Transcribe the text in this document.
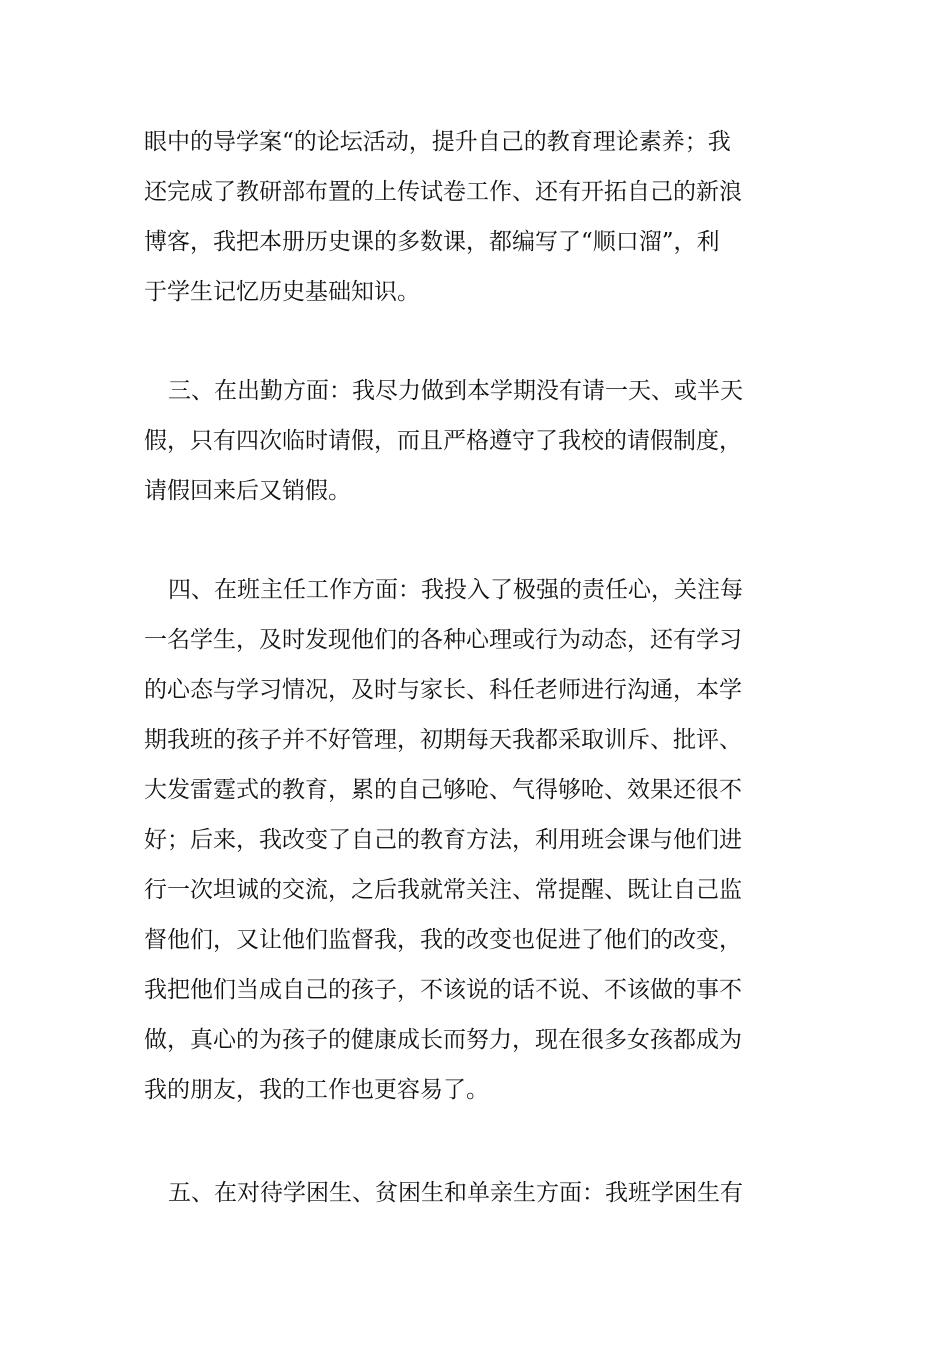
眼中的导学案“的论坛活动，提升自己的教育理论素养；我
还完成了教研部布置的上传试卷工作、还有开拓自己的新浪
博客，我把本册历史课的多数课，都编写了“顺口溜”，利
于学生记忆历史基础知识。
三、在出勤方面：我尽力做到本学期没有请一天、或半天
假，只有四次临时请假，而且严格遵守了我校的请假制度，
请假回来后又销假。
四、在班主任工作方面：我投入了极强的责任心，关注每
一名学生，及时发现他们的各种心理或行为动态，还有学习
的心态与学习情况，及时与家长、科任老师进行沟通，本学
期我班的孩子并不好管理，初期每天我都采取训斥、批评、
大发雷霆式的教育，累的自己够呛、气得够呛、效果还很不
好；后来，我改变了自己的教育方法，利用班会课与他们进
行一次坦诚的交流，之后我就常关注、常提醒、既让自己监
督他们，又让他们监督我，我的改变也促进了他们的改变，
我把他们当成自己的孩子，不该说的话不说、不该做的事不
做，真心的为孩子的健康成长而努力，现在很多女孩都成为
我的朋友，我的工作也更容易了。
五、在对待学困生、贫困生和单亲生方面：我班学困生有
